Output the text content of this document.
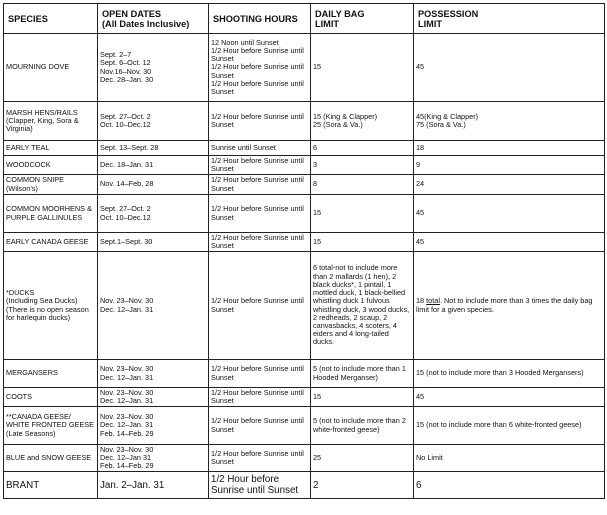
SPECIES	OPEN DATES
(All Dates Inclusive)	SHOOTING HOURS	DAILY BAG
LIMIT	POSSESSION
LIMIT
MOURNING DOVE	Sept. 2–7
Sept. 6–Oct. 12
Nov.16–Nov. 30
Dec. 28–Jan. 30	12 Noon until Sunset
1/2 Hour before Sunrise until Sunset
1/2 Hour before Sunrise until Sunset
1/2 Hour before Sunrise until Sunset	15	45
MARSH HENS/RAILS (Clapper, King, Sora & Virginia)	Sept. 27–Oct. 2
Oct. 10–Dec.12	1/2 Hour before Sunrise until Sunset	15 (King & Clapper)
25 (Sora & Va.)	45(King & Clapper)
75 (Sora & Va.)
EARLY TEAL	Sept. 13–Sept. 28	Sunrise until Sunset	6	18
WOODCOCK	Dec. 18–Jan. 31	1/2 Hour before Sunrise until Sunset	3	9
COMMON SNIPE (Wilson's)	Nov. 14–Feb. 28	1/2 Hour before Sunrise until Sunset	8	24
COMMON MOORHENS & PURPLE GALLINULES	Sept. 27–Oct. 2
Oct. 10–Dec.12	1/2 Hour before Sunrise until Sunset	15	45
EARLY CANADA GEESE	Sept.1–Sept. 30	1/2 Hour before Sunrise until Sunset	15	45
*DUCKS
(Including Sea Ducks) (There is no open season for harlequin ducks)	Nov. 23–Nov. 30
Dec. 12–Jan. 31	1/2 Hour before Sunrise until Sunset	6 total-not to include more than 2 mallards (1 hen), 2 black ducks*, 1 pintail, 1 mottled duck, 1 black-bellied whistling duck 1 fulvous whistling duck, 3 wood ducks, 2 redheads, 2 scaup, 2 canvasbacks, 4 scoters, 4 eiders and 4 long-tailed ducks.	18 total. Not to include more than 3 times the daily bag limit for a given species.
MERGANSERS	Nov. 23–Nov. 30
Dec. 12–Jan. 31	1/2 Hour before Sunrise until Sunset	5 (not to include more than 1 Hooded Merganser)	15 (not to include more than 3 Hooded Mergansers)
COOTS	Nov. 23–Nov. 30
Dec. 12–Jan. 31	1/2 Hour before Sunrise until Sunset	15	45
**CANADA GEESE/ WHITE FRONTED GEESE
(Late Seasons)	Nov. 23–Nov. 30
Dec. 12–Jan. 31
Feb. 14–Feb. 29	1/2 Hour before Sunrise until Sunset	5 (not to include more than 2 white-fronted geese)	15 (not to include more than 6 white-fronted geese)
BLUE and SNOW GEESE	Nov. 23–Nov. 30
Dec. 12–Jan 31
Feb. 14–Feb. 29	1/2 Hour before Sunrise until Sunset	25	No Limit
BRANT	Jan. 2–Jan. 31	1/2 Hour before Sunrise until Sunset	2	6
